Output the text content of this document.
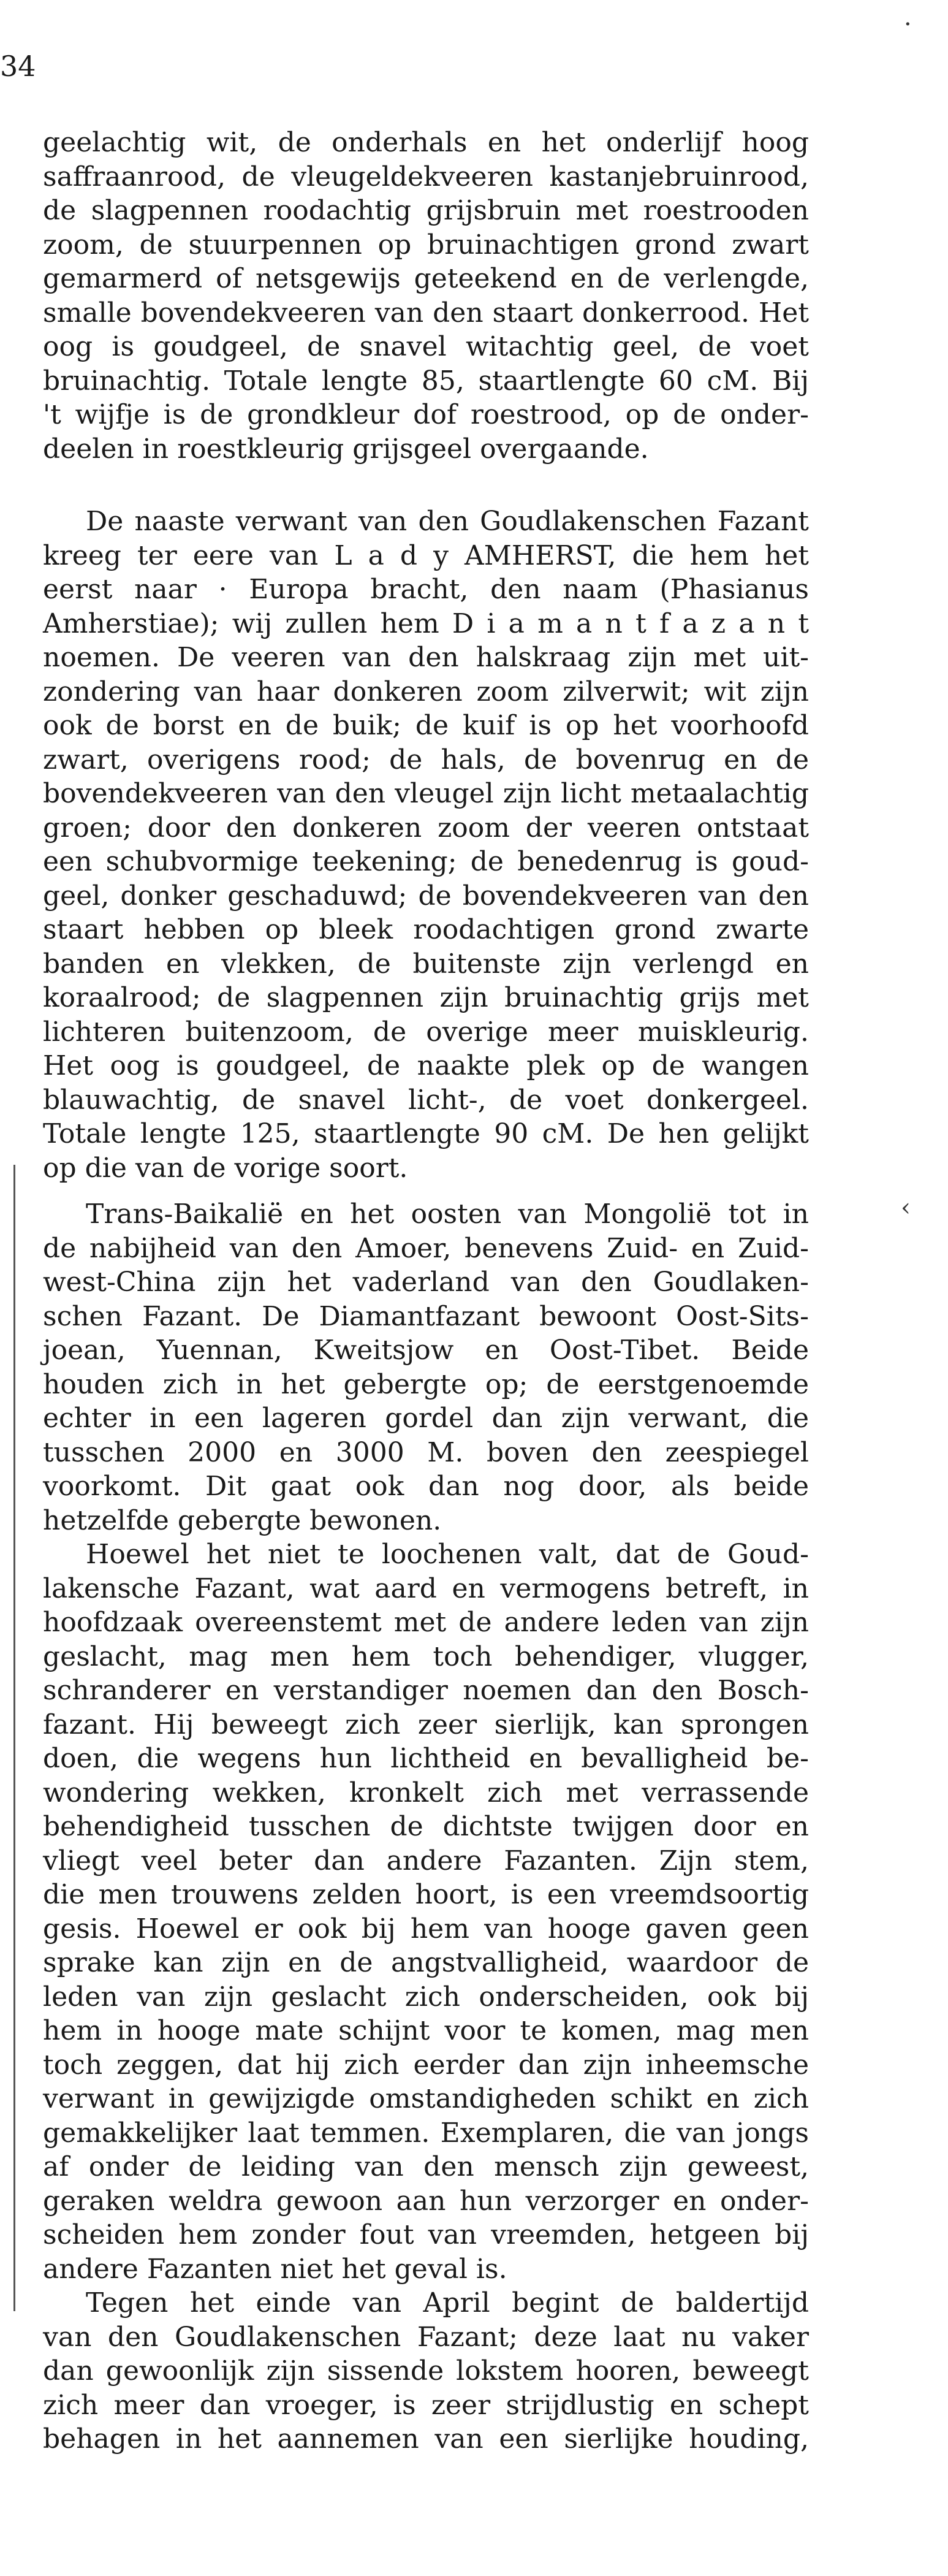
34
·
‹
geelachtig wit, de onderhals en het onderlijf hoog
saffraanrood, de vleugeldekveeren kastanjebruinrood,
de slagpennen roodachtig grijsbruin met roestrooden
zoom, de stuurpennen op bruinachtigen grond zwart
gemarmerd of netsgewijs geteekend en de verlengde,
smalle bovendekveeren van den staart donkerrood. Het
oog is goudgeel, de snavel witachtig geel, de voet
bruinachtig. Totale lengte 85, staartlengte 60 cM. Bij
't wijfje is de grondkleur dof roestrood, op de onder-
deelen in roestkleurig grijsgeel overgaande.
De naaste verwant van den Goudlakenschen Fazant
kreeg ter eere van L a d y AMHERST, die hem het
eerst naar · Europa bracht, den naam (Phasianus
Amherstiae); wij zullen hem D i a m a n t f a z a n t
noemen. De veeren van den halskraag zijn met uit-
zondering van haar donkeren zoom zilverwit; wit zijn
ook de borst en de buik; de kuif is op het voorhoofd
zwart, overigens rood; de hals, de bovenrug en de
bovendekveeren van den vleugel zijn licht metaalachtig
groen; door den donkeren zoom der veeren ontstaat
een schubvormige teekening; de benedenrug is goud-
geel, donker geschaduwd; de bovendekveeren van den
staart hebben op bleek roodachtigen grond zwarte
banden en vlekken, de buitenste zijn verlengd en
koraalrood; de slagpennen zijn bruinachtig grijs met
lichteren buitenzoom, de overige meer muiskleurig.
Het oog is goudgeel, de naakte plek op de wangen
blauwachtig, de snavel licht-, de voet donkergeel.
Totale lengte 125, staartlengte 90 cM. De hen gelijkt
op die van de vorige soort.
Trans-Baikalië en het oosten van Mongolië tot in
de nabijheid van den Amoer, benevens Zuid- en Zuid-
west-China zijn het vaderland van den Goudlaken-
schen Fazant. De Diamantfazant bewoont Oost-Sits-
joean, Yuennan, Kweitsjow en Oost-Tibet. Beide
houden zich in het gebergte op; de eerstgenoemde
echter in een lageren gordel dan zijn verwant, die
tusschen 2000 en 3000 M. boven den zeespiegel
voorkomt. Dit gaat ook dan nog door, als beide
hetzelfde gebergte bewonen.
Hoewel het niet te loochenen valt, dat de Goud-
lakensche Fazant, wat aard en vermogens betreft, in
hoofdzaak overeenstemt met de andere leden van zijn
geslacht, mag men hem toch behendiger, vlugger,
schranderer en verstandiger noemen dan den Bosch-
fazant. Hij beweegt zich zeer sierlijk, kan sprongen
doen, die wegens hun lichtheid en bevalligheid be-
wondering wekken, kronkelt zich met verrassende
behendigheid tusschen de dichtste twijgen door en
vliegt veel beter dan andere Fazanten. Zijn stem,
die men trouwens zelden hoort, is een vreemdsoortig
gesis. Hoewel er ook bij hem van hooge gaven geen
sprake kan zijn en de angstvalligheid, waardoor de
leden van zijn geslacht zich onderscheiden, ook bij
hem in hooge mate schijnt voor te komen, mag men
toch zeggen, dat hij zich eerder dan zijn inheemsche
verwant in gewijzigde omstandigheden schikt en zich
gemakkelijker laat temmen. Exemplaren, die van jongs
af onder de leiding van den mensch zijn geweest,
geraken weldra gewoon aan hun verzorger en onder-
scheiden hem zonder fout van vreemden, hetgeen bij
andere Fazanten niet het geval is.
Tegen het einde van April begint de baldertijd
van den Goudlakenschen Fazant; deze laat nu vaker
dan gewoonlijk zijn sissende lokstem hooren, beweegt
zich meer dan vroeger, is zeer strijdlustig en schept
behagen in het aannemen van een sierlijke houding,
